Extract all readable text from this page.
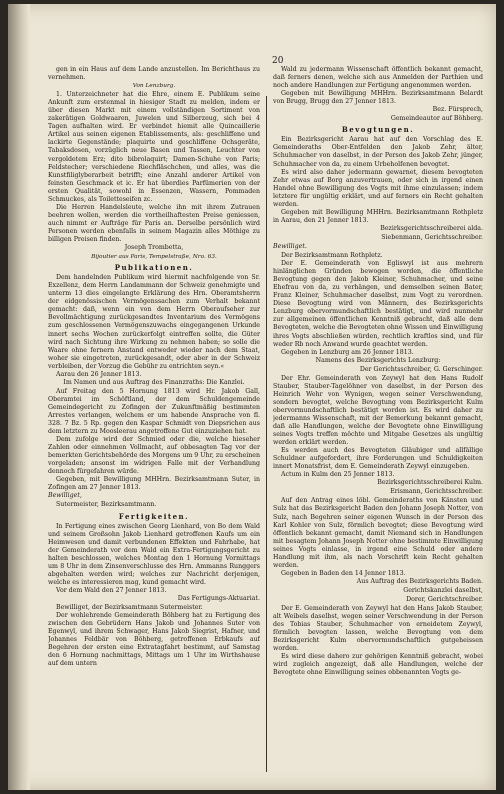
20
gen in ein Haus auf dem Lande anzustellen. Im Berichthaus zu vernehmen.
Von Lenzburg.
1. Unterzeichneter hat die Ehre, einem E. Publikum seine Ankunft zum erstenmal in hiesiger Stadt zu melden, indem er über diesen Markt mit einem vollständigen Sortiment von zakerätigen Goldwaaren, Juwelen und Silberzeug, sich bei 4 Tagen aufhalten wird. Er verbindet hiemit alle Quincaillerie Artikel aus seinen eigenen Etablissements, als: geschliffene und lackirte Gegenstände; plaquirte und geschliffene Ochsgeräte, Tabaksdosen, vorzüglich neue Basen und Tassen, Leuchter von vergoldetem Erz; dito bibrolaquirt; Damen-Schuhe von Paris; Feldstecher; verschiedene Riechfläschchen, und alles, was die Kunstfiliglyberarbeit betrifft; eine Anzahl anderer Artikel von feinsten Geschmack et ic. Er hat überdies Parfümerien von der ersten Qualität, sowohl in Essenzen, Wassern, Pommaden Schmuckes, als Toiletteseifen zc.
Die Herren Handelsleute, welche ihn mit ihrem Zutrauen beehren wollen, werden die vortheilhaftesten Preise geniessen, auch nimmt er Aufträge für Paris an. Derselbe persönlich wird Personen werden ebenfalls in seinem Magazin alles Möthige zu billigen Preisen finden.
Joseph Trombetta,
Bijoutier aus Paris, Tempelstraße, Nro. 63.
Publikationen.
Dem handelnden Publikum wird hiermit nachfolgende von Sr. Exzellenz, dem Herrn Landammann der Schweiz genehmigte und unterm 13 dies eingelangte Erklärung des Hrn. Oberamtsherrn der eidgenössischen Vermögenssachen zum Verhalt bekannt gemacht: daß, wenn ein von dem Herrn Oberaufseher zur Bevollmächtigung zurückgesandtes Inventarium des Vermögens zum geschlossenen Vermögenszuwachs eingegangenen Urkunde innert sechs Wochen zurückerfolgt eintreffen sollte, die Güter wird nach Sichtung ihre Wirkung zu nehmen haben; so solle die Waare ohne fernern Anstand entweder wieder nach dem Staat, woher sie eingetreten, zurückgesandt, oder aber in der Schweiz verbleiben, der Vorzug die Gebühr zu entrichten seyn.«
Aarau den 26 Jenner 1813.
Im Namen und aus Auftrag des Finanzraths: Die Kanzlei.
Auf Freitag den 5 Hornung 1813 wird Hr. Jakob Gall, Oberamtei im Schöftland, der dem Schuldengemeinde Gemeindegericht zu Zofingen der Zukunftmäßig bestimmten Arrestes verlangen, welchem er um habende Ansprache von fl. 328. 7 Bz. 5 Rp. gegen den Kaspar Schmidt von Diepsrichen aus dem letztern zu Moosleerau angetroffene Gut einzuziehen hat.
Dem zufolge wird der Schmied oder die, welche hieseher Zahlen oder einnehmen Vollmacht, auf obbesagten Tag vor der bemerkten Gerichtsbehörde des Morgens um 9 Uhr, zu erscheinen vorgeladen; ansonst im widrigen Falle mit der Verhandlung dennoch fürgefahren würde.
Gegeben, mit Bewilligung MHHrn. Bezirksamtmann Suter, in Zofingen am 27 Jenner 1813.
Bewilliget,
Sutermeister, Bezirksamtmann.
Fertigkeiten.
In Fertigung eines zwischen Georg Lienhard, von Bo dem Wald und seinem Großsohn Jakob Lienhard getroffenen Kaufs um ein Heimwesen und damit verbundenen Effekten und Fahrhabe, hat der Gemeinderath vor dem Wald ein Extra-Fertigungsgericht zu halten beschlossen, welches Montag den 1 Hornung Vormittags um 8 Uhr in dem Zinsenverschlusse des Hrn. Ammanns Runggers abgehalten werden wird; welches zur Nachricht derjenigen, welche es interessieren mag, kund gemacht wird.
Vor dem Wald den 27 Jenner 1813.
Das Fertigungs-Aktuariat.
Bewilliget, der Bezirksamtmann Sutermeister.
Der wohlehrende Gemeinderath Böhberg hat zu Fertigung des zwischen den Gebrüdern Hans Jakob und Johannes Suter von Egenwyl, und ihrem Schwager, Hans Jakob Siegrist, Hafner, und Johannes Feldbär von Böhberg, getroffenen Erbkaufs auf Begehren der ersten eine Extratagfahrt bestimmt, auf Samstag den 6 Hornung nachmittags, Mittags um 1 Uhr im Wirthshause auf dem untern
Wald zu jedermann Wissenschaft öffentlich bekannt gemacht, daß ferners denen, welche sich aus Anmelden der Parthien und noch andere Handlungen zur Fertigung angenommen werden.
Gegeben mit Bewilligung MHHrn. Bezirksamtmann Belardt von Brugg, Brugg den 27 Jenner 1813.
Bez. Fürsprech,
Gemeindeautor auf Böhberg.
Bevogtungen.
Ein Bezirksgericht Aarau hat auf den Vorschlag des E. Gemeinderaths Ober-Entfelden den Jakob Zehr, älter, Schuhmacher von daselbst, in der Person des Jakob Zehr, jünger, Schuhmacher von da, zu einem Urbeholfenen bevogtet.
Es wird also daher jedermann gewarnet, diesem bevogteten Zehr etwas auf Borg anzuvertrauen, oder sich in irgend einen Handel ohne Bewilligung des Vogts mit ihme einzulassen; indem letztere für ungültig erklärt, und auf ferners ein Recht gehalten werden.
Gegeben mit Bewilligung MHHrn. Bezirksamtmann Rothpletz in Aarau, den 21 Jenner 1813.
Bezirksgerichtsschreiberei alda.
Siebenmann, Gerichtsschreiber.
Bewilliget.
Der Bezirksamtmann Rothpletz.
Der E. Gemeinderath von Egliswyl ist aus mehrern hinlänglichen Gründen bewogen worden, die öffentliche Bevogtung gegen den Jakob Kleiner, Schuhmacher, und seine Ehefrau von da, zu verhängen, und demselben seinen Bater, Franz Kleiner, Schuhmacher daselbst, zum Vogt zu verordnen. Diese Bevogtung wird von Männern, des Bezirksgerichts Lenzburg obervormundschaftlich bestätigt, und wird nunmehr zur allgemeinen öffentlichen Kenntniß gebracht, daß alle dem Bevogteten, welche die Bevogteten ohne Wissen und Einwilligung ihres Vogts abschließen würden, rechtlich kraftlos sind, und für weder Rb noch Anwand wurde geachtet werden.
Gegeben in Lenzburg am 26 Jenner 1813.
Namens des Bezirksgerichts Lenzburg:
Der Gerichtsschreiber, G. Gerschinger.
Der Ehr. Gemeinderath von Zeywyl hat den Hans Rudolf Stauber, Stauber-Tagelöhner von daselbst, in der Person des Heinrich Wehr von Wynigen, wegen seiner Verschwendung, sondern bevogtet, welche Bevogtung vom Bezirksgericht Kulm obervormundschaftlich bestätigt worden ist. Es wird daher zu jedermanns Wissenschaft, mit der Bemerkung bekannt gemacht, daß alle Handlungen, welche der Bevogtete ohne Einwilligung seines Vogts treffen möchte und Mitgabe Gesetzes als ungültig werden erklärt werden.
Es werden auch des Bevogteten Gläubiger und allfällige Schuldner aufgefordert, ihre Forderungen und Schuldigkeiten innert Monatsfrist, dem E. Gemeinderath Zeywyl einzugeben.
Actum in Kulm den 25 Jenner 1813.
Bezirksgerichtsschreiberei Kulm.
Erismann, Gerichtsschreiber.
Auf den Antrag eines löbl. Gemeinderaths von Känsten und Sulz hat das Bezirksgericht Baden den Johann Joseph Notter, von Sulz, nach Begehren seiner eigenen Wunsch in der Person des Karl Kohler von Sulz, förmlich bevogtet; diese Bevogtung wird öffentlich bekannt gemacht, damit Niemand sich in Handlungen mit besagtem Johann Joseph Notter ohne bestimmte Einwilligung seines Vogts einlasse, in irgend eine Schuld oder andere Handlung mit ihm, als nach Vorschrift kein Recht gehalten werden.
Gegeben in Baden den 14 Jenner 1813.
Aus Auftrag des Bezirksgerichts Baden.
Gerichtskanzlei daselbst,
Dorer, Gerichtschreiber.
Der E. Gemeinderath von Zeywyl hat den Hans Jakob Stauber, alt Weibels daselbst, wegen seiner Verschwendung in der Person des Tobias Stauber, Schuhmacher von erneidetem Zeywyl, förmlich bevogten lassen, welche Bevogtung von dem Bezirksgericht Kulm obervormundschaftlich gutgeheissen worden.
Es wird diese dahero zur gehörigen Kenntniß gebracht, wobei wird zugleich angezeigt, daß alle Handlungen, welche der Bevogtete ohne Einwilligung seines obbenannten Vogts ge-
